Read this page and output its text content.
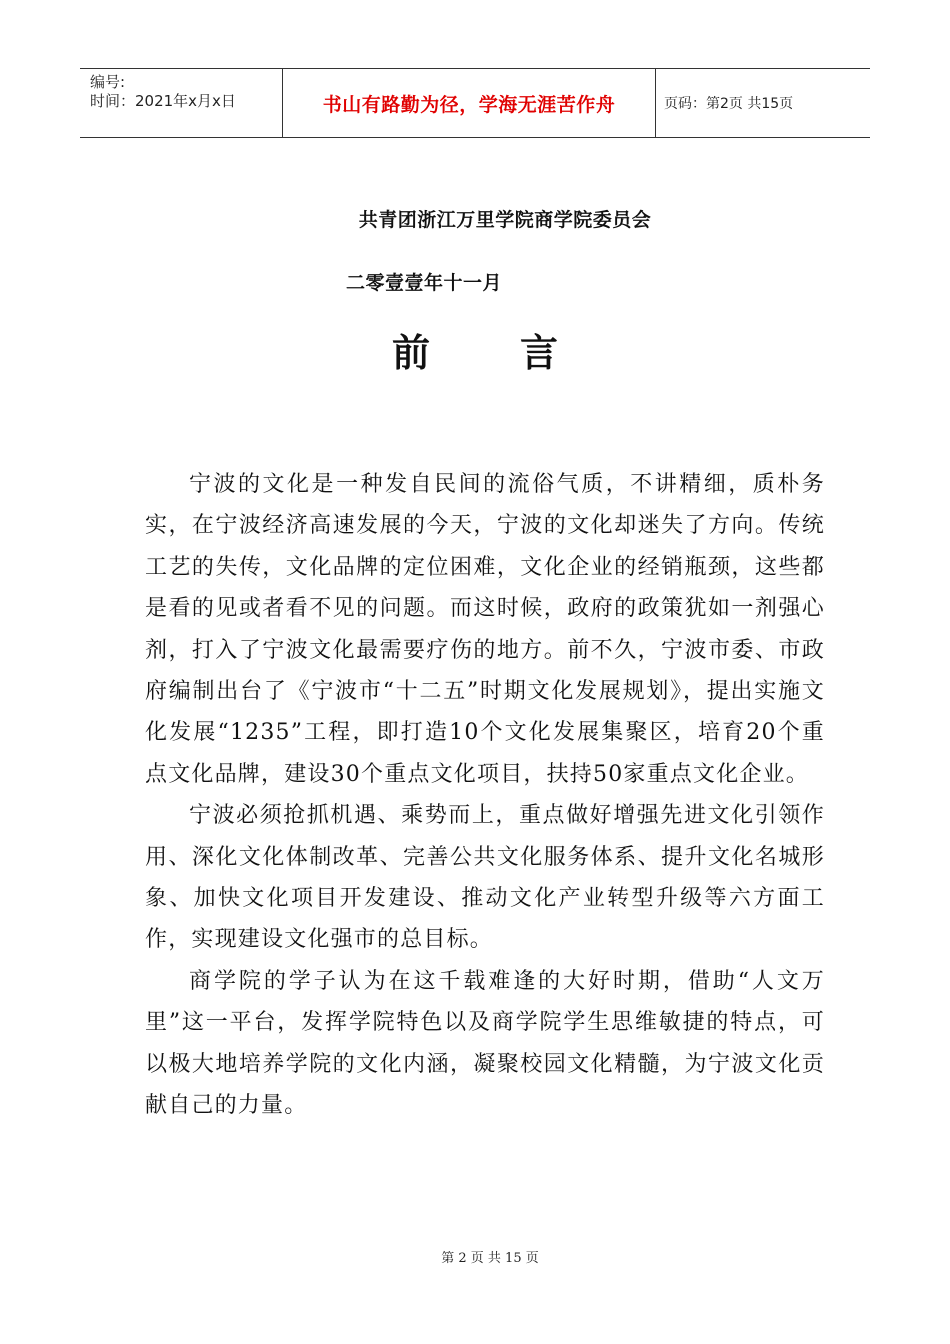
编号:
时间：2021年x月x日	书山有路勤为径，学海无涯苦作舟	页码：第2页 共15页
共青团浙江万里学院商学院委员会
二零壹壹年十一月
前言

宁波的文化是一种发自民间的流俗气质，不讲精细，质朴务实，在宁波经济高速发展的今天，宁波的文化却迷失了方向。传统工艺的失传，文化品牌的定位困难，文化企业的经销瓶颈，这些都是看的见或者看不见的问题。而这时候，政府的政策犹如一剂强心剂，打入了宁波文化最需要疗伤的地方。前不久，宁波市委、市政府编制出台了《宁波市“十二五”时期文化发展规划》，提出实施文化发展“1235”工程，即打造10个文化发展集聚区，培育20个重点文化品牌，建设30个重点文化项目，扶持50家重点文化企业。

宁波必须抢抓机遇、乘势而上，重点做好增强先进文化引领作用、深化文化体制改革、完善公共文化服务体系、提升文化名城形象、加快文化项目开发建设、推动文化产业转型升级等六方面工作，实现建设文化强市的总目标。

商学院的学子认为在这千载难逢的大好时期，借助“人文万里”这一平台，发挥学院特色以及商学院学生思维敏捷的特点，可以极大地培养学院的文化内涵，凝聚校园文化精髓，为宁波文化贡献自己的力量。

第 2 页 共 15 页
